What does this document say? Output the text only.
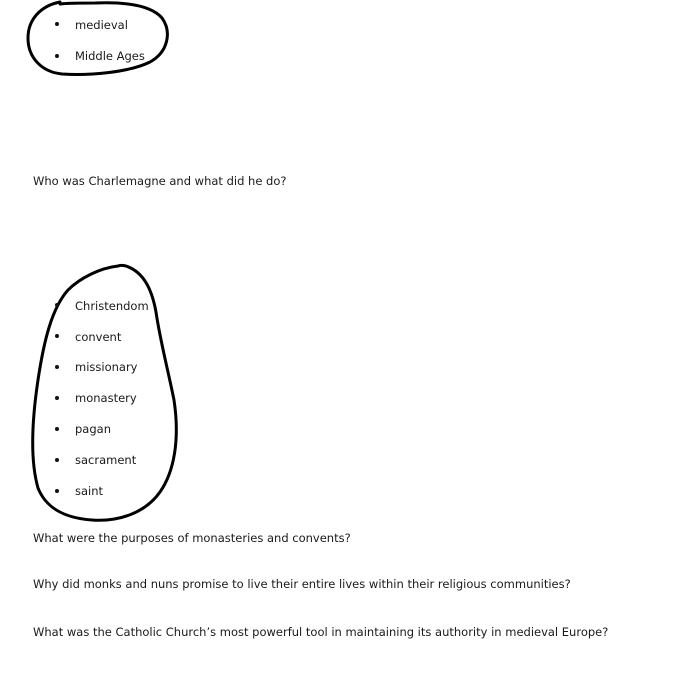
medieval
Middle Ages
Who was Charlemagne and what did he do?
Christendom
convent
missionary
monastery
pagan
sacrament
saint
What were the purposes of monasteries and convents?
Why did monks and nuns promise to live their entire lives within their religious communities?
What was the Catholic Church’s most powerful tool in maintaining its authority in medieval Europe?
